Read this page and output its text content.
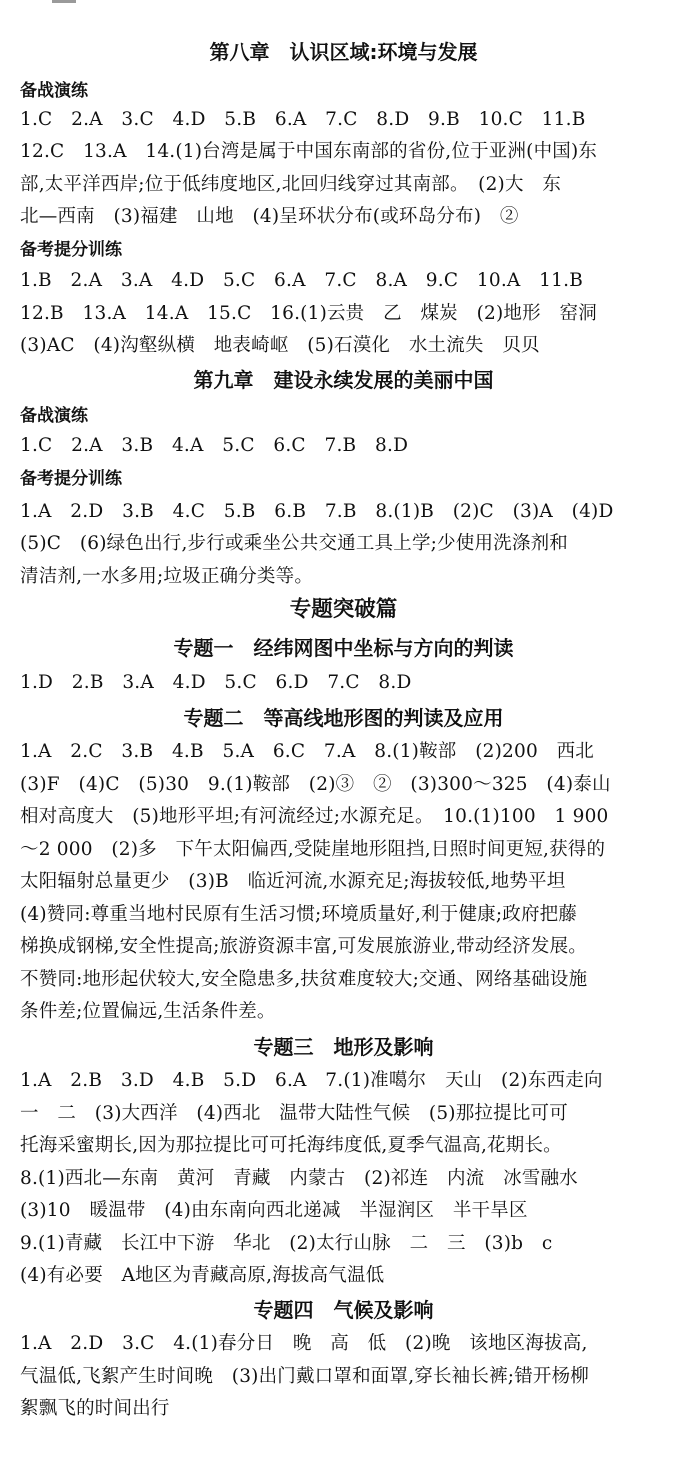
第八章　认识区域:环境与发展
备战演练
1.C　2.A　3.C　4.D　5.B　6.A　7.C　8.D　9.B　10.C　11.B
12.C　13.A　14.(1)台湾是属于中国东南部的省份,位于亚洲(中国)东
部,太平洋西岸;位于低纬度地区,北回归线穿过其南部。　(2)大　东
北—西南　(3)福建　山地　(4)呈环状分布(或环岛分布)　②
备考提分训练
1.B　2.A　3.A　4.D　5.C　6.A　7.C　8.A　9.C　10.A　11.B
12.B　13.A　14.A　15.C　16.(1)云贵　乙　煤炭　(2)地形　窑洞
(3)AC　(4)沟壑纵横　地表崎岖　(5)石漠化　水土流失　贝贝
第九章　建设永续发展的美丽中国
备战演练
1.C　2.A　3.B　4.A　5.C　6.C　7.B　8.D
备考提分训练
1.A　2.D　3.B　4.C　5.B　6.B　7.B　8.(1)B　(2)C　(3)A　(4)D
(5)C　(6)绿色出行,步行或乘坐公共交通工具上学;少使用洗涤剂和
清洁剂,一水多用;垃圾正确分类等。
专题突破篇
专题一　经纬网图中坐标与方向的判读
1.D　2.B　3.A　4.D　5.C　6.D　7.C　8.D
专题二　等高线地形图的判读及应用
1.A　2.C　3.B　4.B　5.A　6.C　7.A　8.(1)鞍部　(2)200　西北
(3)F　(4)C　(5)30　9.(1)鞍部　(2)③　②　(3)300～325　(4)泰山
相对高度大　(5)地形平坦;有河流经过;水源充足。　10.(1)100　1 900
～2 000　(2)多　下午太阳偏西,受陡崖地形阻挡,日照时间更短,获得的
太阳辐射总量更少　(3)B　临近河流,水源充足;海拔较低,地势平坦
(4)赞同:尊重当地村民原有生活习惯;环境质量好,利于健康;政府把藤
梯换成钢梯,安全性提高;旅游资源丰富,可发展旅游业,带动经济发展。
不赞同:地形起伏较大,安全隐患多,扶贫难度较大;交通、网络基础设施
条件差;位置偏远,生活条件差。
专题三　地形及影响
1.A　2.B　3.D　4.B　5.D　6.A　7.(1)准噶尔　天山　(2)东西走向
一　二　(3)大西洋　(4)西北　温带大陆性气候　(5)那拉提比可可
托海采蜜期长,因为那拉提比可可托海纬度低,夏季气温高,花期长。
8.(1)西北—东南　黄河　青藏　内蒙古　(2)祁连　内流　冰雪融水
(3)10　暖温带　(4)由东南向西北递减　半湿润区　半干旱区
9.(1)青藏　长江中下游　华北　(2)太行山脉　二　三　(3)b　c
(4)有必要　A地区为青藏高原,海拔高气温低
专题四　气候及影响
1.A　2.D　3.C　4.(1)春分日　晚　高　低　(2)晚　该地区海拔高,
气温低,飞絮产生时间晚　(3)出门戴口罩和面罩,穿长袖长裤;错开杨柳
絮飘飞的时间出行
